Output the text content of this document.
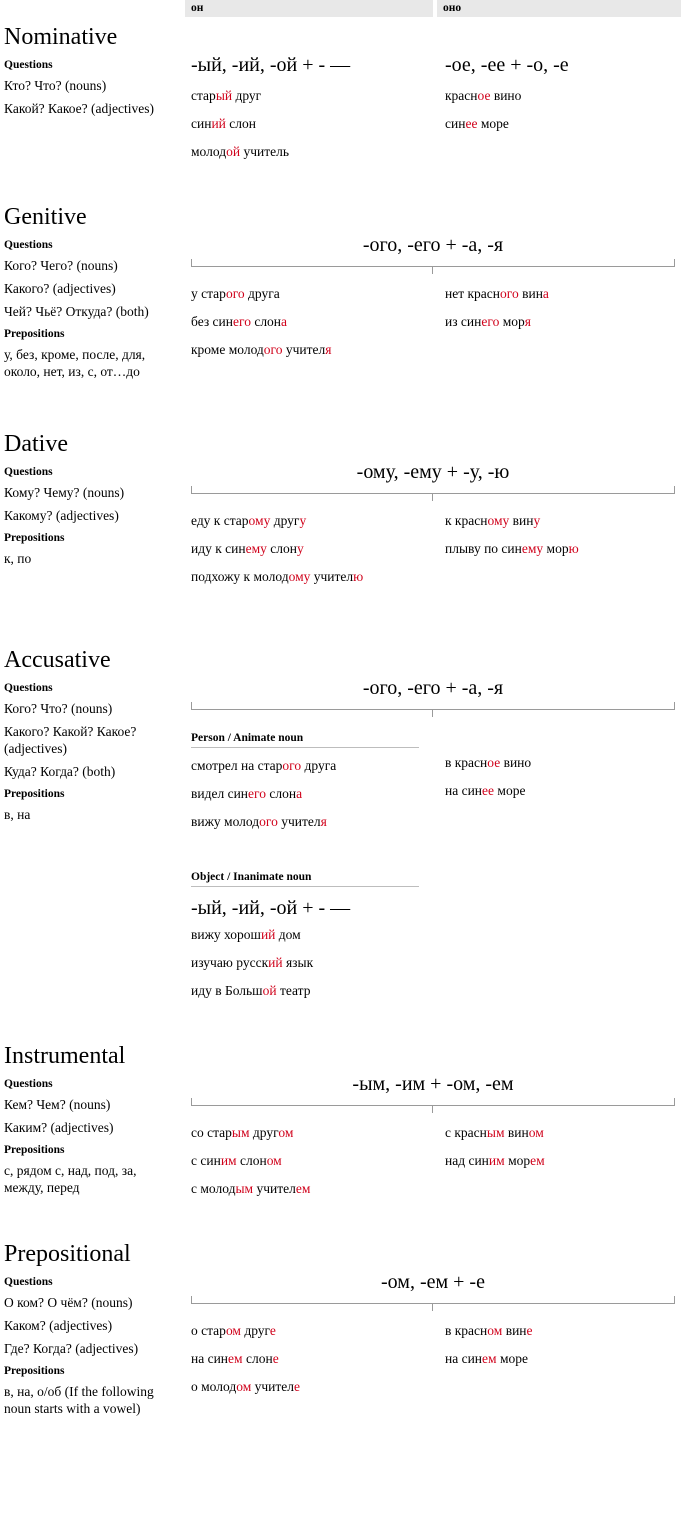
он	оно
Nominative
Questions

Кто? Что? (nouns)

Какой? Какое? (adjectives)

-ый, -ий, -ой + - —	-ое, -ее + -о, -е

старый друг

синий слон

молодой учитель

красное вино

синее море

Genitive
Questions

Кого? Чего? (nouns)

Какого? (adjectives)

Чей? Чьё? Откуда? (both)

Prepositions

у, без, кроме, после, для, около, нет, из, с, от…до

-ого, -его + -а, -я

у старого друга

без синего слона

кроме молодого учителя

нет красного вина

из синего моря

Dative
Questions

Кому? Чему? (nouns)

Какому? (adjectives)

Prepositions

к, по

-ому, -ему + -у, -ю

еду к старому другу

иду к синему слону

подхожу к молодому учителю

к красному вину

плыву по синему морю

Accusative
Questions

Кого? Что? (nouns)

Какого? Какой? Какое? (adjectives)

Куда? Когда? (both)

Prepositions

в, на

-ого, -его + -а, -я
Person / Animate noun

смотрел на старого друга

видел синего слона

вижу молодого учителя

в красное вино

на синее море

Object / Inanimate noun
-ый, -ий, -ой + - —

вижу хороший дом

изучаю русский язык

иду в Большой театр

Instrumental
Questions

Кем? Чем? (nouns)

Каким? (adjectives)

Prepositions

с, рядом с, над, под, за, между, перед

-ым, -им + -ом, -ем

со старым другом

с синим слоном

с молодым учителем

с красным вином

над синим морем

Prepositional
Questions

О ком? О чём? (nouns)

Каком? (adjectives)

Где? Когда? (adjectives)

Prepositions

в, на, о/об (If the following noun starts with a vowel)

-ом, -ем + -е

о старом друге

на синем слоне

о молодом учителе

в красном вине

на синем море
